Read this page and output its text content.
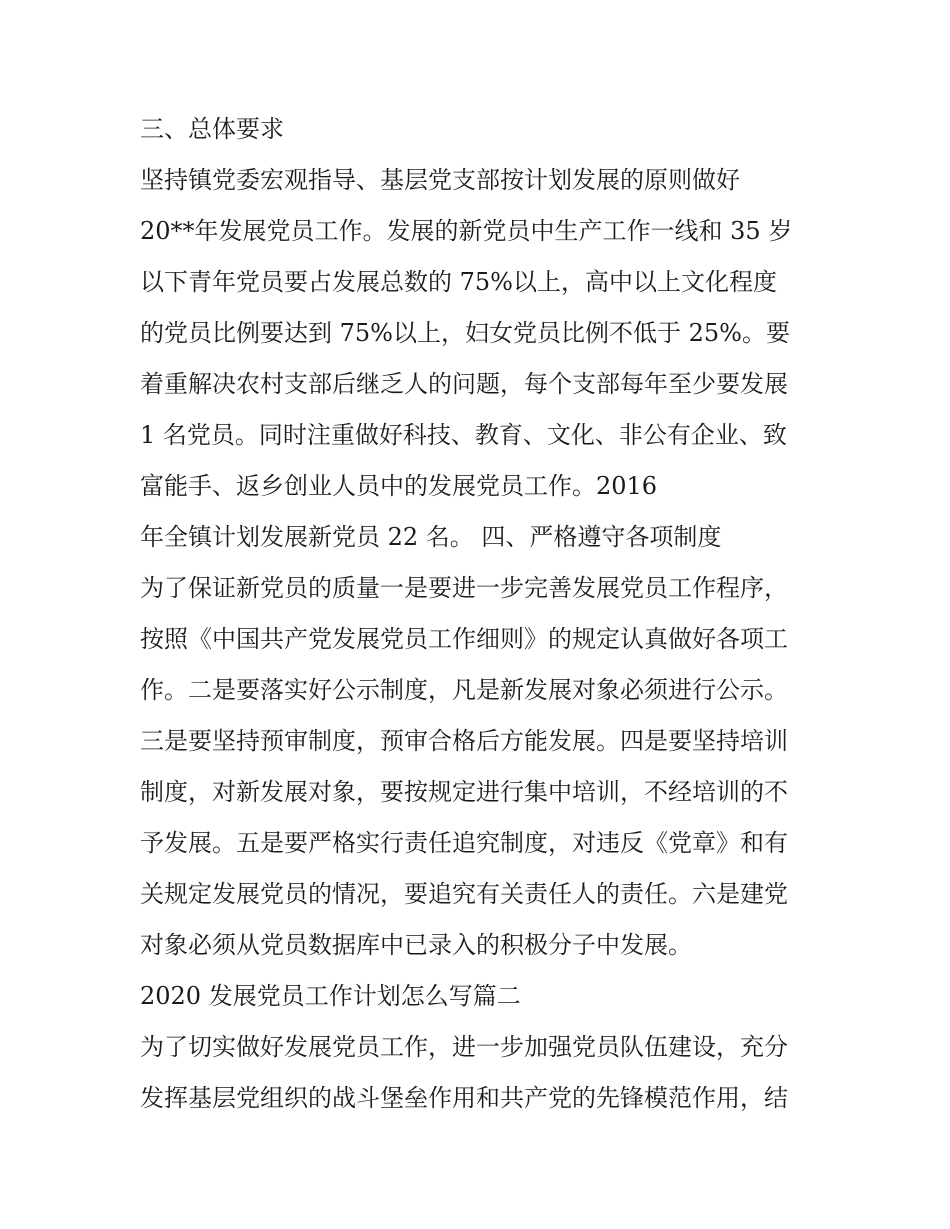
三、总体要求
坚持镇党委宏观指导、基层党支部按计划发展的原则做好
20**年发展党员工作。发展的新党员中生产工作一线和 35 岁
以下青年党员要占发展总数的 75%以上，高中以上文化程度
的党员比例要达到 75%以上，妇女党员比例不低于 25%。要
着重解决农村支部后继乏人的问题，每个支部每年至少要发展
1 名党员。同时注重做好科技、教育、文化、非公有企业、致
富能手、返乡创业人员中的发展党员工作。2016
年全镇计划发展新党员 22 名。 四、严格遵守各项制度
为了保证新党员的质量一是要进一步完善发展党员工作程序，
按照《中国共产党发展党员工作细则》的规定认真做好各项工
作。二是要落实好公示制度，凡是新发展对象必须进行公示。
三是要坚持预审制度，预审合格后方能发展。四是要坚持培训
制度，对新发展对象，要按规定进行集中培训，不经培训的不
予发展。五是要严格实行责任追究制度，对违反《党章》和有
关规定发展党员的情况，要追究有关责任人的责任。六是建党
对象必须从党员数据库中已录入的积极分子中发展。
2020 发展党员工作计划怎么写篇二
为了切实做好发展党员工作，进一步加强党员队伍建设，充分
发挥基层党组织的战斗堡垒作用和共产党的先锋模范作用，结
